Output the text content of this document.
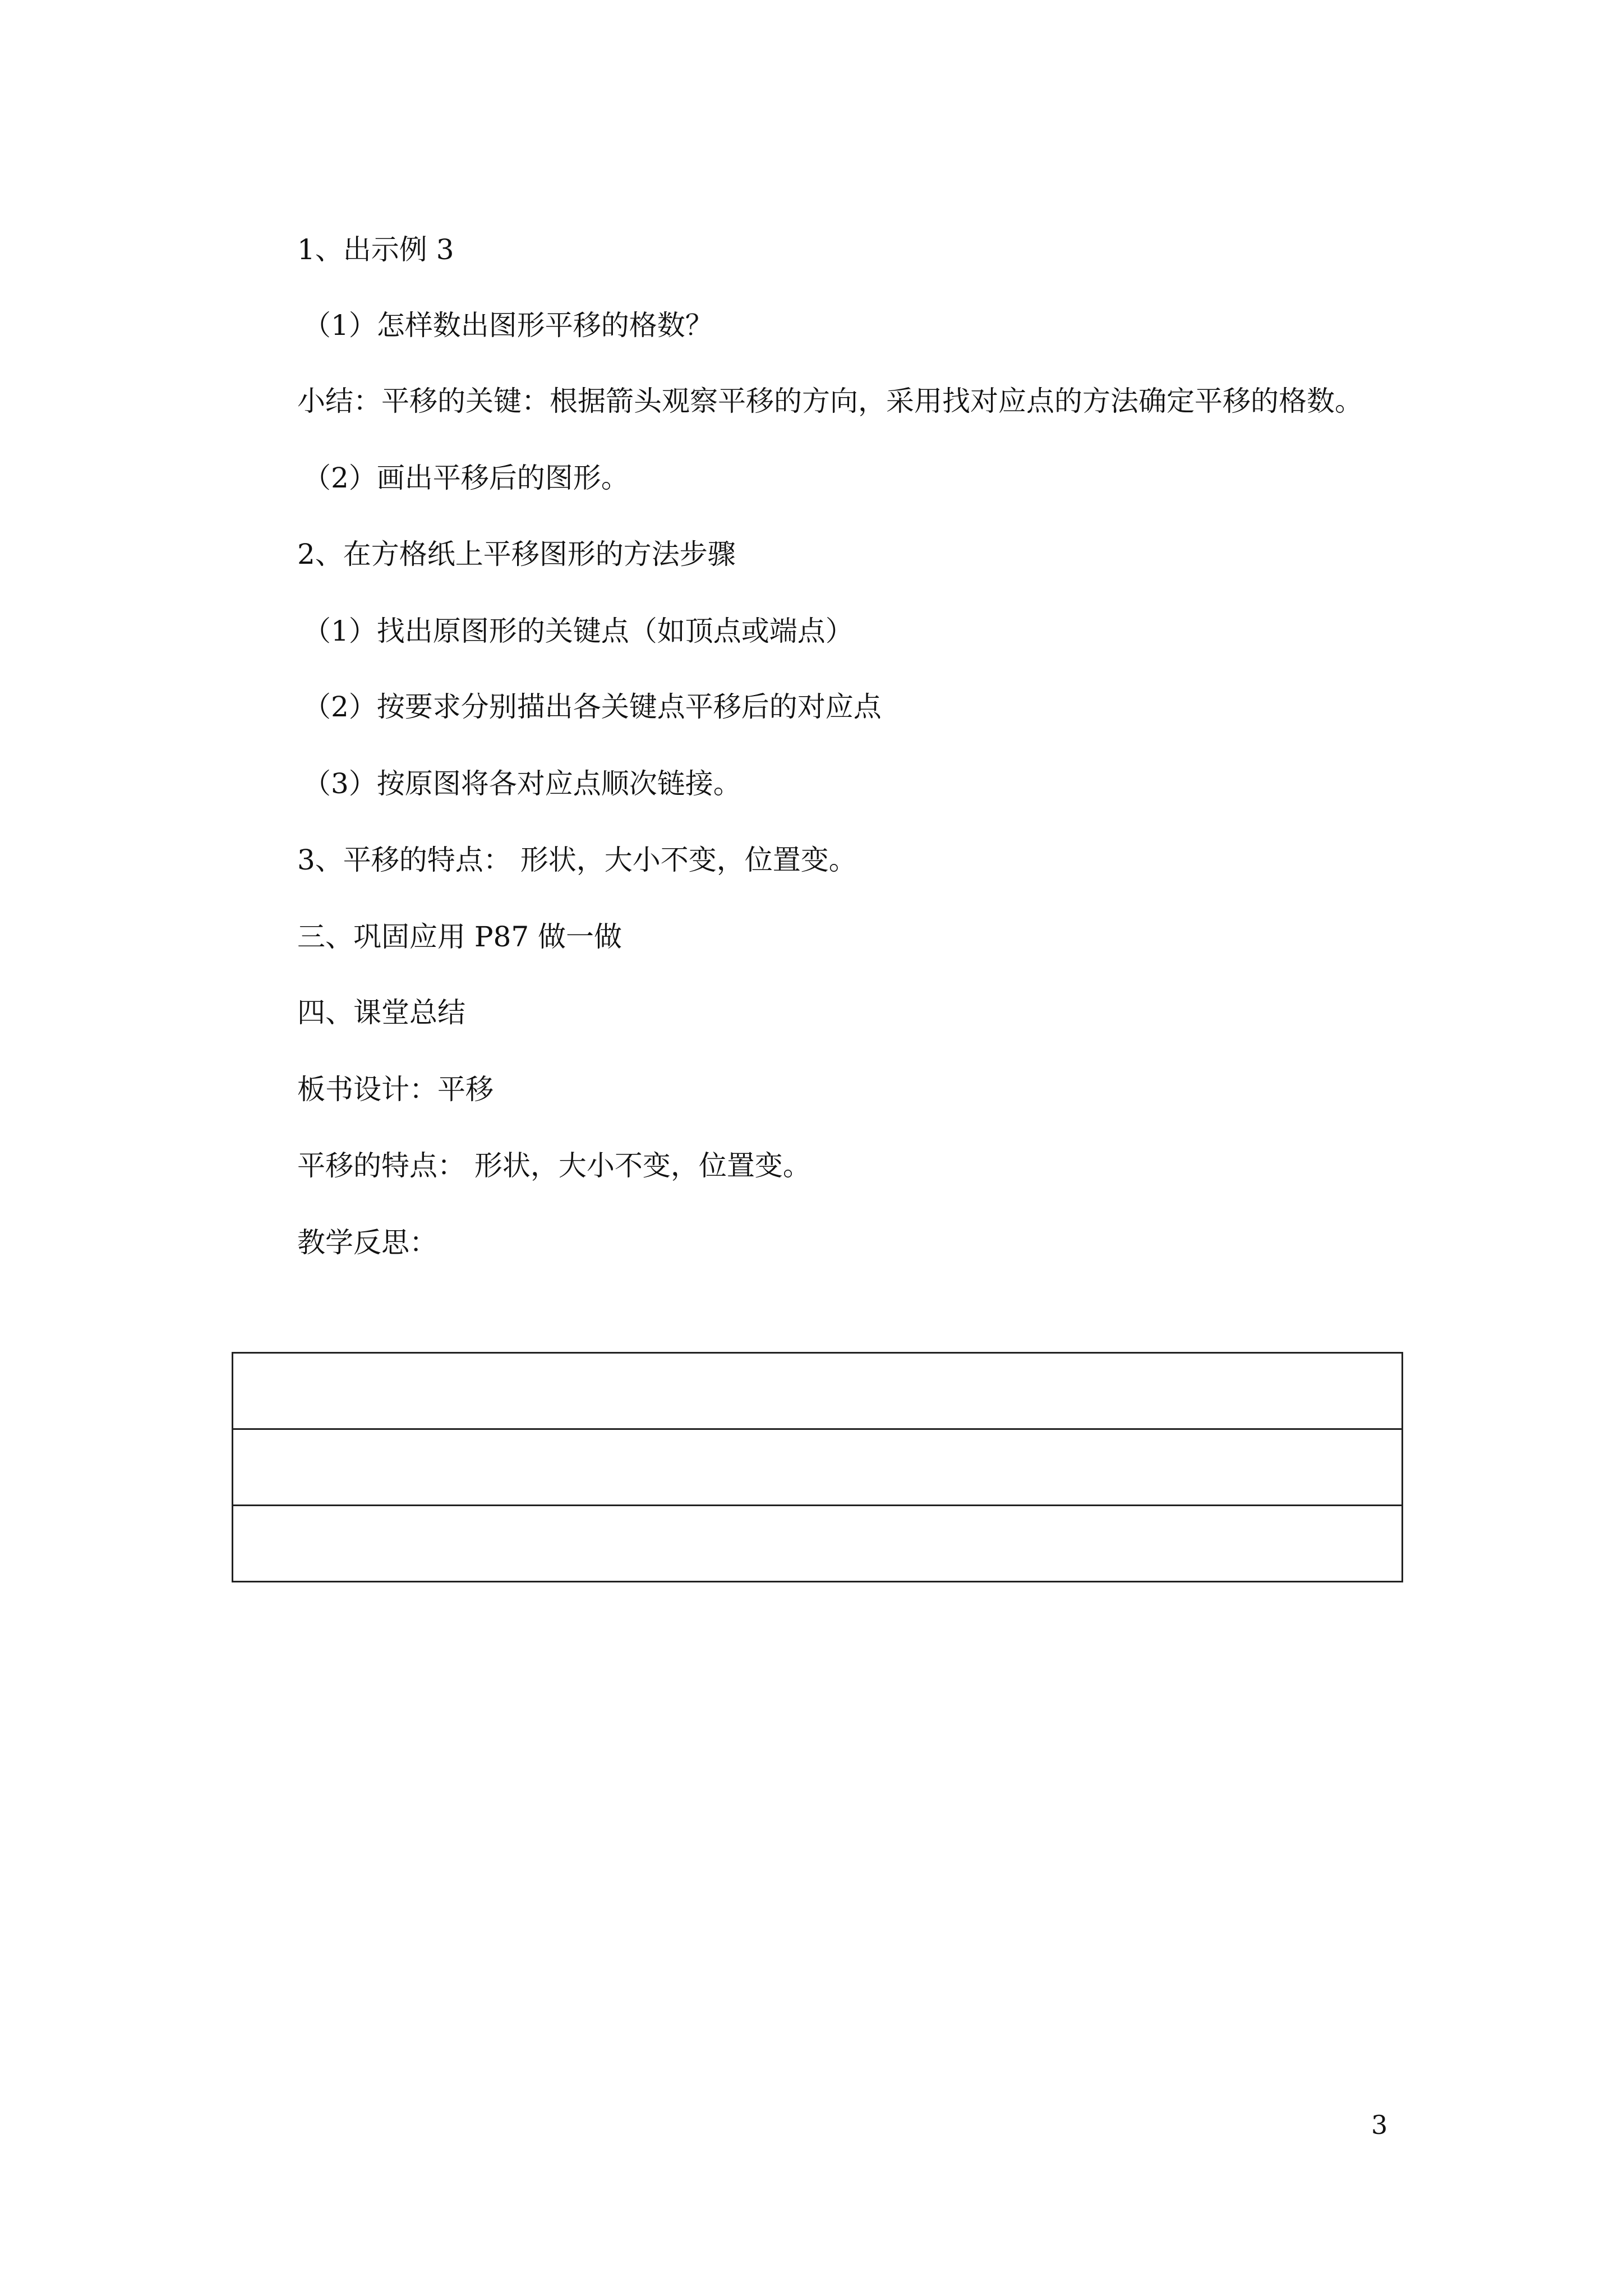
1、出示例 3
（1）怎样数出图形平移的格数？
小结：平移的关键：根据箭头观察平移的方向，采用找对应点的方法确定平移的格数。
（2）画出平移后的图形。
2、在方格纸上平移图形的方法步骤
（1）找出原图形的关键点（如顶点或端点）
（2）按要求分别描出各关键点平移后的对应点
（3）按原图将各对应点顺次链接。
3、平移的特点： 形状，大小不变，位置变。
三、巩固应用 P87 做一做
四、课堂总结
板书设计：平移
平移的特点： 形状，大小不变，位置变。
教学反思：

3
